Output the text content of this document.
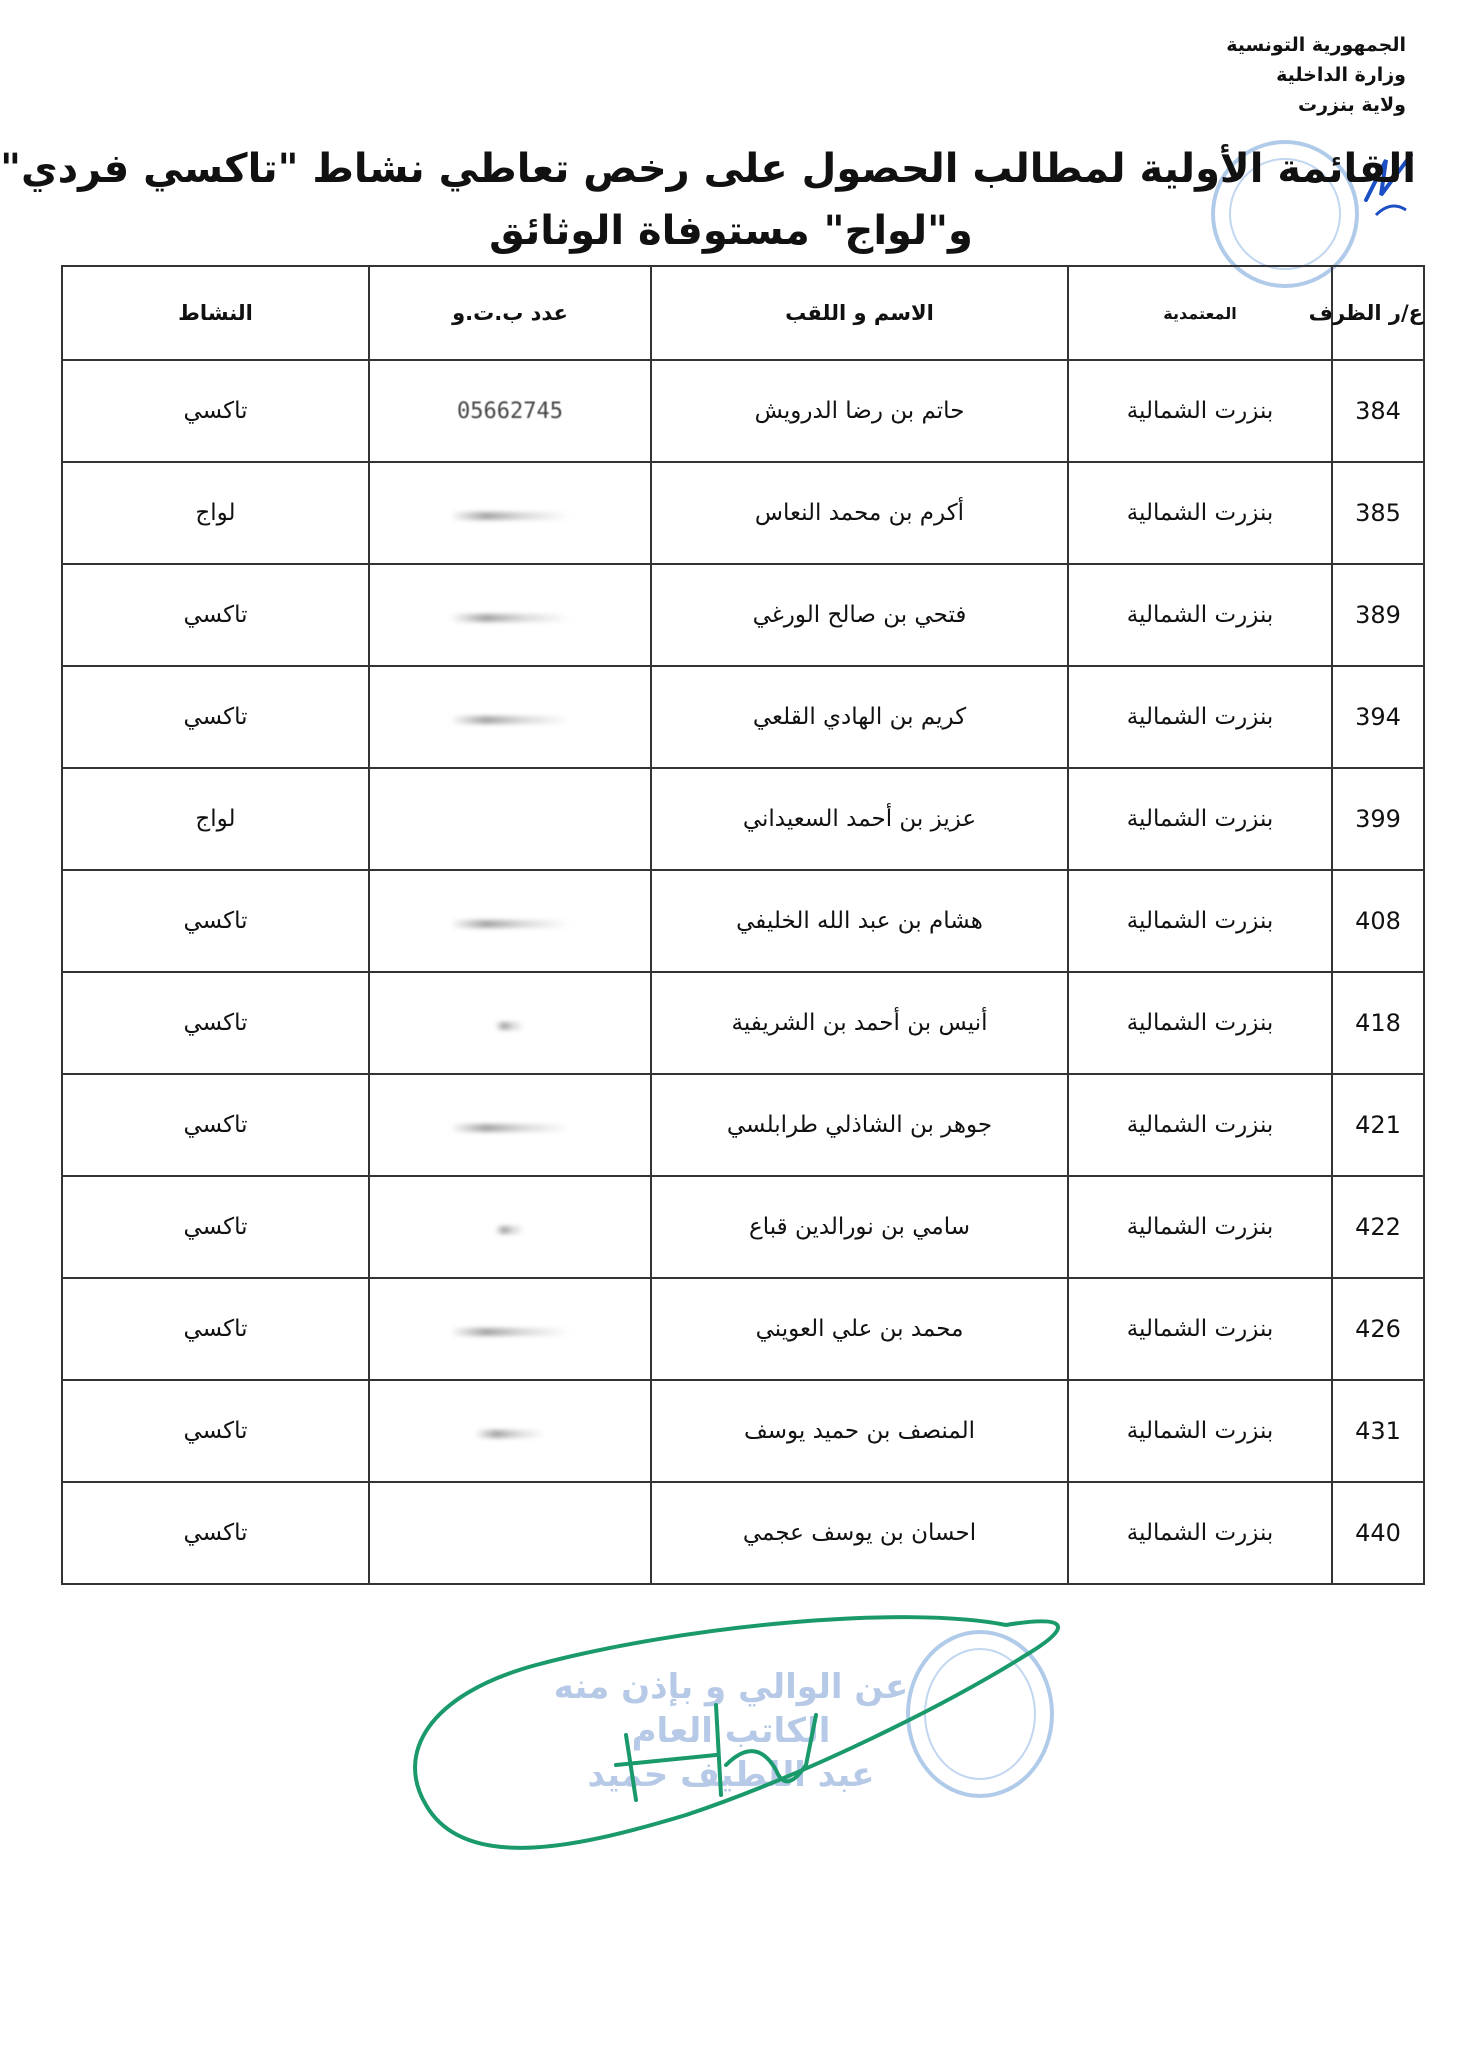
الجمهورية التونسية
وزارة الداخلية
ولاية بنزرت
القائمة الأولية لمطالب الحصول على رخص تعاطي نشاط "تاكسي فردي"
و"لواج" مستوفاة الوثائق
ع/ر الظرف	المعتمدية	الاسم و اللقب	عدد ب.ت.و	النشاط
384	بنزرت الشمالية	حاتم بن رضا الدرويش	05662745	تاكسي
385	بنزرت الشمالية	أكرم بن محمد النعاس		لواج
389	بنزرت الشمالية	فتحي بن صالح الورغي		تاكسي
394	بنزرت الشمالية	كريم بن الهادي القلعي		تاكسي
399	بنزرت الشمالية	عزيز بن أحمد السعيداني		لواج
408	بنزرت الشمالية	هشام بن عبد الله الخليفي		تاكسي
418	بنزرت الشمالية	أنيس بن أحمد بن الشريفية		تاكسي
421	بنزرت الشمالية	جوهر بن الشاذلي طرابلسي		تاكسي
422	بنزرت الشمالية	سامي بن نورالدين قباع		تاكسي
426	بنزرت الشمالية	محمد بن علي العويني		تاكسي
431	بنزرت الشمالية	المنصف بن حميد يوسف		تاكسي
440	بنزرت الشمالية	احسان بن يوسف عجمي		تاكسي
عن الوالي و بإذن منه
الكاتب العام
عبد اللطيف حميد
